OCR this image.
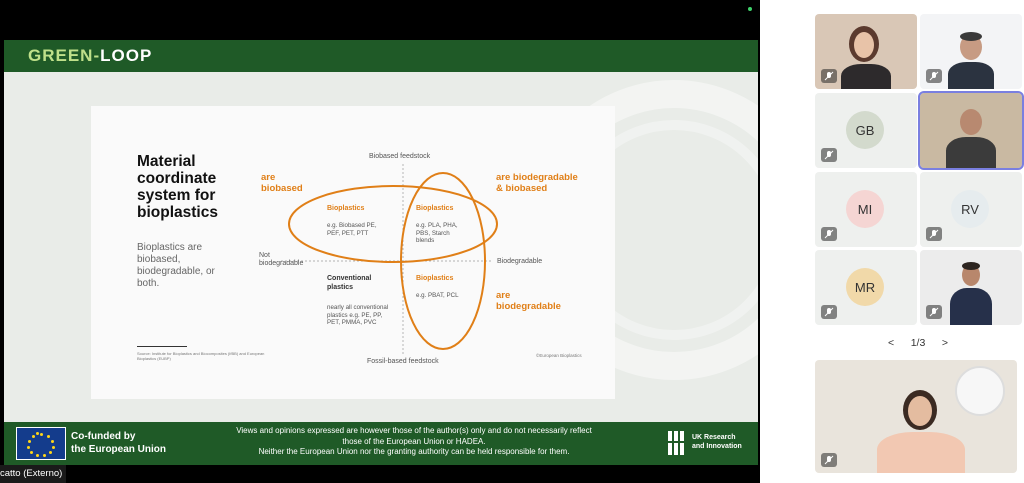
GREEN-LOOP
Material coordinate system for bioplastics
Bioplastics are biobased, biodegradable, or both.
Source: Institute for Bioplastics and Biocomposites (IfBB) and European Bioplastics (EUBP)
©European Bioplastics
Biobased feedstock
Fossil-based feedstock
Not
biodegradable	Biodegradable
are
biobased
are biodegradable
& biobased
are
biodegradable
Bioplastics
e.g. Biobased PE, PEF, PET, PTT
Bioplastics
e.g. PLA, PHA, PBS, Starch blends
Conventional
plastics
nearly all conventional plastics e.g. PE, PP, PET, PMMA, PVC
Bioplastics
e.g. PBAT, PCL
Co-funded by
the European Union
Views and opinions expressed are however those of the author(s) only and do not necessarily reflect
those of the European Union or HADEA.
Neither the European Union nor the granting authority can be held responsible for them.
UK Research
and Innovation
catto (Externo)
GB
MI	RV
MR
< 1/3 >
